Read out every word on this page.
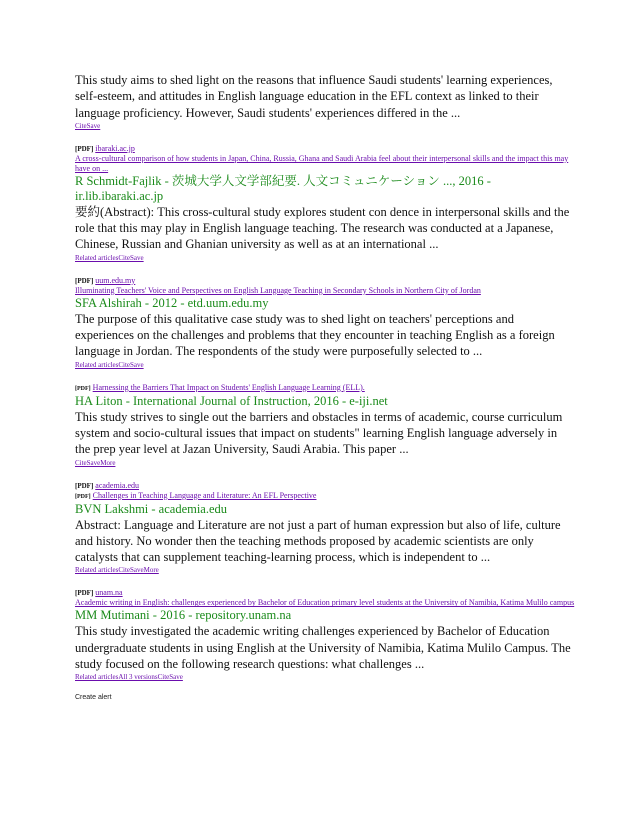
This study aims to shed light on the reasons that influence Saudi students' learning experiences, self-esteem, and attitudes in English language education in the EFL context as linked to their language proficiency. However, Saudi students' experiences differed in the ...

CiteSave

[PDF] ibaraki.ac.jp

A cross-cultural comparison of how students in Japan, China, Russia, Ghana and Saudi Arabia feel about their interpersonal skills and the impact this may have on ...

R Schmidt-Fajlik - 茨城大学人文学部紀要. 人文コミュニケーション ..., 2016 - ir.lib.ibaraki.ac.jp

要約(Abstract): This cross-cultural study explores student con dence in interpersonal skills and the role that this may play in English language teaching. The research was conducted at a Japanese, Chinese, Russian and Ghanian university as well as at an international ...

Related articlesCiteSave

[PDF] uum.edu.my

Illuminating Teachers' Voice and Perspectives on English Language Teaching in Secondary Schools in Northern City of Jordan

SFA Alshirah - 2012 - etd.uum.edu.my

The purpose of this qualitative case study was to shed light on teachers' perceptions and experiences on the challenges and problems that they encounter in teaching English as a foreign language in Jordan. The respondents of the study were purposefully selected to ...

Related articlesCiteSave

[PDF] Harnessing the Barriers That Impact on Students' English Language Learning (ELL).

HA Liton - International Journal of Instruction, 2016 - e-iji.net

This study strives to single out the barriers and obstacles in terms of academic, course curriculum system and socio-cultural issues that impact on students" learning English language adversely in the prep year level at Jazan University, Saudi Arabia. This paper ...

CiteSaveMore

[PDF] academia.edu

[PDF] Challenges in Teaching Language and Literature: An EFL Perspective

BVN Lakshmi - academia.edu

Abstract: Language and Literature are not just a part of human expression but also of life, culture and history. No wonder then the teaching methods proposed by academic scientists are only catalysts that can supplement teaching-learning process, which is independent to ...

Related articlesCiteSaveMore

[PDF] unam.na

Academic writing in English: challenges experienced by Bachelor of Education primary level students at the University of Namibia, Katima Mulilo campus

MM Mutimani - 2016 - repository.unam.na

This study investigated the academic writing challenges experienced by Bachelor of Education undergraduate students in using English at the University of Namibia, Katima Mulilo Campus. The study focused on the following research questions: what challenges ...

Related articlesAll 3 versionsCiteSave

Create alert
